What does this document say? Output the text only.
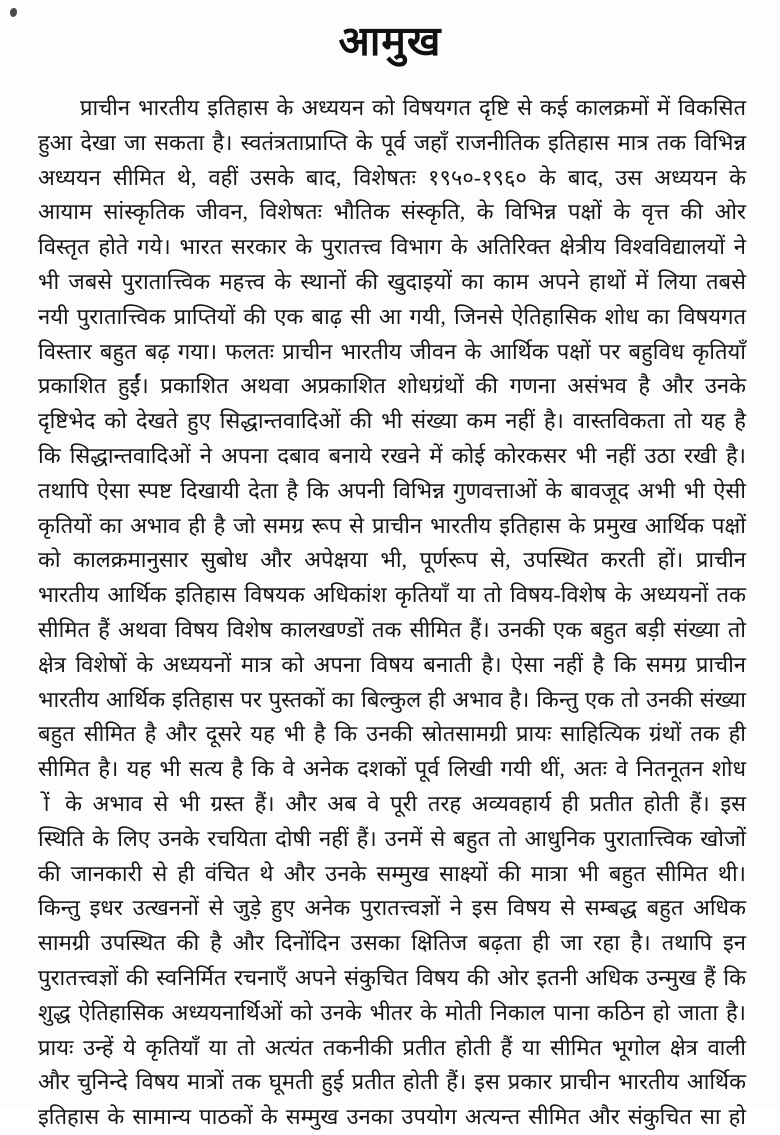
आमुख
प्राचीन भारतीय इतिहास के अध्ययन को विषयगत दृष्टि से कई कालक्रमों में विकसित
हुआ देखा जा सकता है। स्वतंत्रताप्राप्ति के पूर्व जहाँ राजनीतिक इतिहास मात्र तक विभिन्न
अध्ययन सीमित थे, वहीं उसके बाद, विशेषतः १९५०-१९६० के बाद, उस अध्ययन के
आयाम सांस्कृतिक जीवन, विशेषतः भौतिक संस्कृति, के विभिन्न पक्षों के वृत्त की ओर
विस्तृत होते गये। भारत सरकार के पुरातत्त्व विभाग के अतिरिक्त क्षेत्रीय विश्वविद्यालयों ने
भी जबसे पुरातात्त्विक महत्त्व के स्थानों की खुदाइयों का काम अपने हाथों में लिया तबसे
नयी पुरातात्त्विक प्राप्तियों की एक बाढ़ सी आ गयी, जिनसे ऐतिहासिक शोध का विषयगत
विस्तार बहुत बढ़ गया। फलतः प्राचीन भारतीय जीवन के आर्थिक पक्षों पर बहुविध कृतियाँ
प्रकाशित हुईं। प्रकाशित अथवा अप्रकाशित शोधग्रंथों की गणना असंभव है और उनके
दृष्टिभेद को देखते हुए सिद्धान्तवादिओं की भी संख्या कम नहीं है। वास्तविकता तो यह है
कि सिद्धान्तवादिओं ने अपना दबाव बनाये रखने में कोई कोरकसर भी नहीं उठा रखी है।
तथापि ऐसा स्पष्ट दिखायी देता है कि अपनी विभिन्न गुणवत्ताओं के बावजूद अभी भी ऐसी
कृतियों का अभाव ही है जो समग्र रूप से प्राचीन भारतीय इतिहास के प्रमुख आर्थिक पक्षों
को कालक्रमानुसार सुबोध और अपेक्षया भी, पूर्णरूप से, उपस्थित करती हों। प्राचीन
भारतीय आर्थिक इतिहास विषयक अधिकांश कृतियाँ या तो विषय-विशेष के अध्ययनों तक
सीमित हैं अथवा विषय विशेष कालखण्डों तक सीमित हैं। उनकी एक बहुत बड़ी संख्या तो
क्षेत्र विशेषों के अध्ययनों मात्र को अपना विषय बनाती है। ऐसा नहीं है कि समग्र प्राचीन
भारतीय आर्थिक इतिहास पर पुस्तकों का बिल्कुल ही अभाव है। किन्तु एक तो उनकी संख्या
बहुत सीमित है और दूसरे यह भी है कि उनकी स्रोतसामग्री प्रायः साहित्यिक ग्रंथों तक ही
सीमित है। यह भी सत्य है कि वे अनेक दशकों पूर्व लिखी गयी थीं, अतः वे नितनूतन शोध
ों के अभाव से भी ग्रस्त हैं। और अब वे पूरी तरह अव्यवहार्य ही प्रतीत होती हैं। इस
स्थिति के लिए उनके रचयिता दोषी नहीं हैं। उनमें से बहुत तो आधुनिक पुरातात्त्विक खोजों
की जानकारी से ही वंचित थे और उनके सम्मुख साक्ष्यों की मात्रा भी बहुत सीमित थी।
किन्तु इधर उत्खननों से जुड़े हुए अनेक पुरातत्त्वज्ञों ने इस विषय से सम्बद्ध बहुत अधिक
सामग्री उपस्थित की है और दिनोंदिन उसका क्षितिज बढ़ता ही जा रहा है। तथापि इन
पुरातत्त्वज्ञों की स्वनिर्मित रचनाएँ अपने संकुचित विषय की ओर इतनी अधिक उन्मुख हैं कि
शुद्ध ऐतिहासिक अध्ययनार्थिओं को उनके भीतर के मोती निकाल पाना कठिन हो जाता है।
प्रायः उन्हें ये कृतियाँ या तो अत्यंत तकनीकी प्रतीत होती हैं या सीमित भूगोल क्षेत्र वाली
और चुनिन्दे विषय मात्रों तक घूमती हुई प्रतीत होती हैं। इस प्रकार प्राचीन भारतीय आर्थिक
इतिहास के सामान्य पाठकों के सम्मुख उनका उपयोग अत्यन्त सीमित और संकुचित सा हो
